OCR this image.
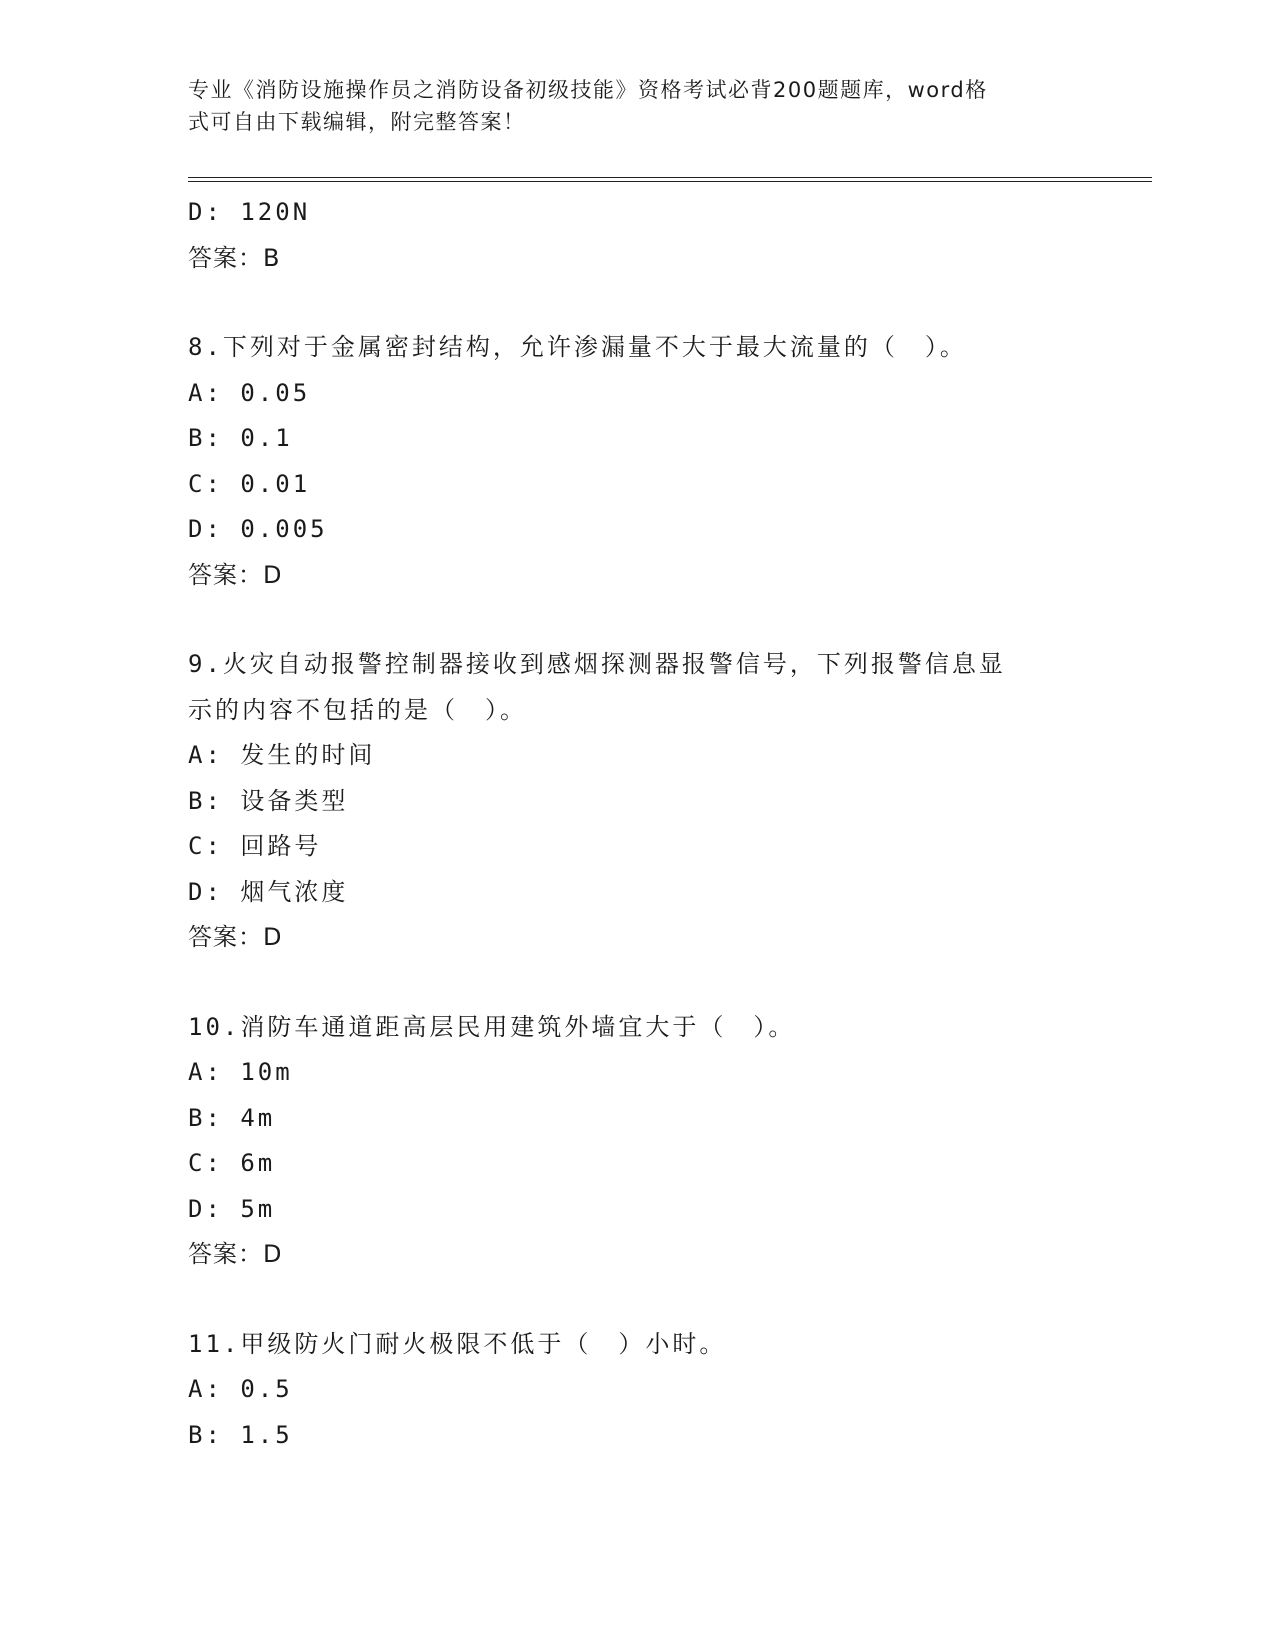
专业《消防设施操作员之消防设备初级技能》资格考试必背200题题库，word格
式可自由下载编辑，附完整答案！
D: 120N
答案：B
8.下列对于金属密封结构，允许渗漏量不大于最大流量的（　）。
A: 0.05
B: 0.1
C: 0.01
D: 0.005
答案：D
9.火灾自动报警控制器接收到感烟探测器报警信号，下列报警信息显
示的内容不包括的是（　）。
A: 发生的时间
B: 设备类型
C: 回路号
D: 烟气浓度
答案：D
10.消防车通道距高层民用建筑外墙宜大于（　）。
A: 10m
B: 4m
C: 6m
D: 5m
答案：D
11.甲级防火门耐火极限不低于（　）小时。
A: 0.5
B: 1.5
